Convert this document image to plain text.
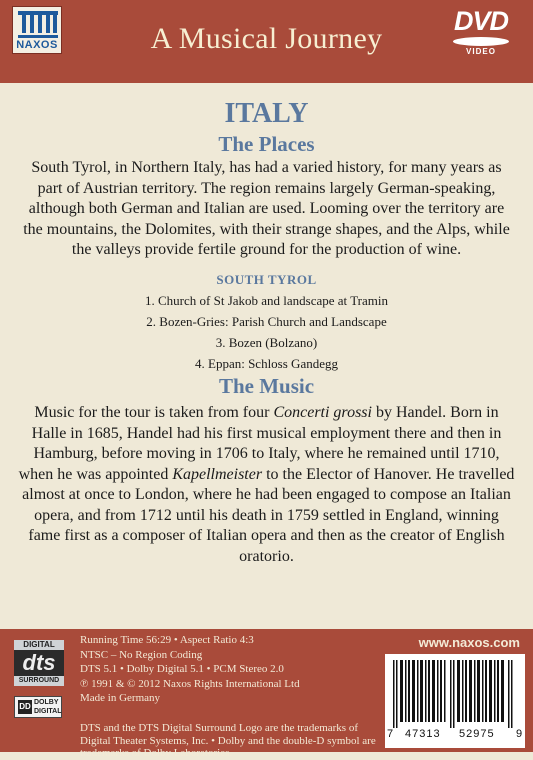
NAXOS	A Musical Journey
DVD
VIDEO
ITALY
The Places
South Tyrol, in Northern Italy, has had a varied history, for many years as part of Austrian territory. The region remains largely German-speaking, although both German and Italian are used. Looming over the territory are the mountains, the Dolomites, with their strange shapes, and the Alps, while the valleys provide fertile ground for the production of wine.
SOUTH TYROL
1. Church of St Jakob and landscape at Tramin
2. Bozen-Gries: Parish Church and Landscape
3. Bozen (Bolzano)
4. Eppan: Schloss Gandegg
The Music
Music for the tour is taken from four Concerti grossi by Handel. Born in Halle in 1685, Handel had his first musical employment there and then in Hamburg, before moving in 1706 to Italy, where he remained until 1710, when he was appointed Kapellmeister to the Elector of Hanover. He travelled almost at once to London, where he had been engaged to compose an Italian opera, and from 1712 until his death in 1759 settled in England, winning fame first as a composer of Italian opera and then as the creator of English oratorio.
DIGITAL
dts
SURROUND
DD DOLBY
DIGITAL
Running Time 56:29 • Aspect Ratio 4:3
NTSC – No Region Coding
DTS 5.1 • Dolby Digital 5.1 • PCM Stereo 2.0
℗ 1991 & © 2012 Naxos Rights International Ltd
Made in Germany
DTS and the DTS Digital Surround Logo are the trademarks of Digital Theater Systems, Inc. • Dolby and the double-D symbol are trademarks of Dolby Laboratories.
www.naxos.com
7 47313 52975 9
